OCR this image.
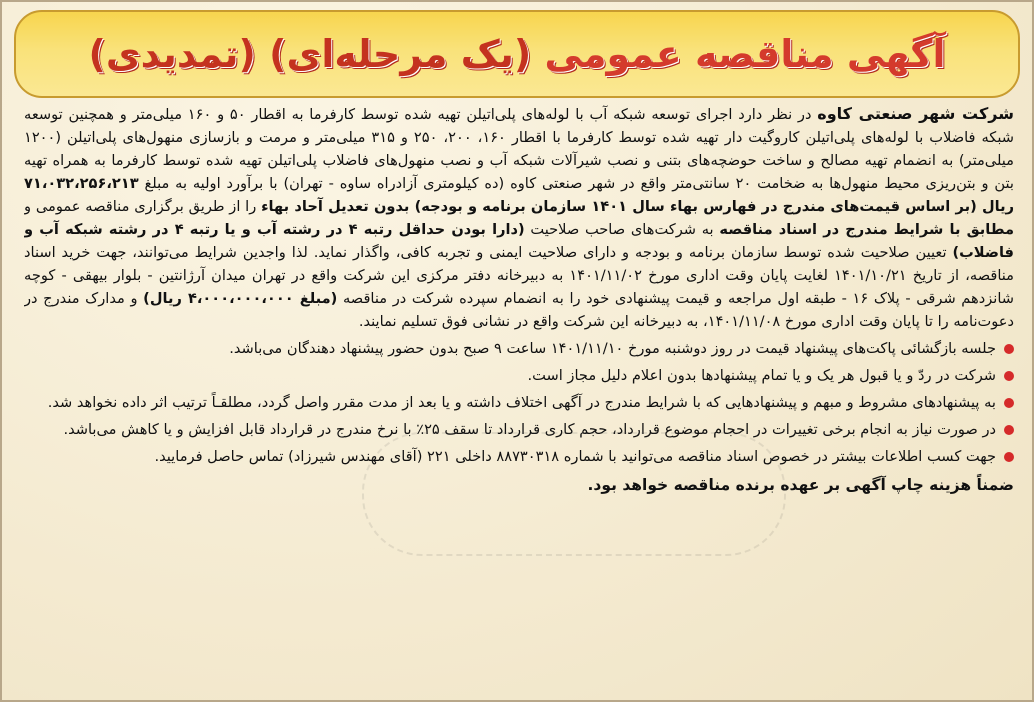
آگهی مناقصه عمومی (یک مرحله‌ای) (تمدیدی)

شرکت شهر صنعتی کاوه در نظر دارد اجرای توسعه شبکه آب با لوله‌های پلی‌اتیلن تهیه شده توسط کارفرما به اقطار ۵۰ و ۱۶۰ میلی‌متر و همچنین توسعه شبکه فاضلاب با لوله‌های پلی‌اتیلن کاروگیت دار تهیه شده توسط کارفرما با اقطار ۱۶۰، ۲۰۰، ۲۵۰ و ۳۱۵ میلی‌متر و مرمت و بازسازی منهول‌های پلی‌اتیلن (۱۲۰۰ میلی‌متر) به انضمام تهیه مصالح و ساخت حوضچه‌های بتنی و نصب شیرآلات شبکه آب و نصب منهول‌های فاضلاب پلی‌اتیلن تهیه شده توسط کارفرما به همراه تهیه بتن و بتن‌ریزی محیط منهول‌ها به ضخامت ۲۰ سانتی‌متر واقع در شهر صنعتی کاوه (ده کیلومتری آزادراه ساوه - تهران) با برآورد اولیه به مبلغ ۷۱،۰۳۲،۲۵۶،۲۱۳ ریال (بر اساس قیمت‌های مندرج در فهارس بهاء سال ۱۴۰۱ سازمان برنامه و بودجه) بدون تعدیل آحاد بهاء را از طریق برگزاری مناقصه عمومی و مطابق با شرایط مندرج در اسناد مناقصه به شرکت‌های صاحب صلاحیت (دارا بودن حداقل رتبه ۴ در رشته آب و یا رتبه ۴ در رشته شبکه آب و فاضلاب) تعیین صلاحیت شده توسط سازمان برنامه و بودجه و دارای صلاحیت ایمنی و تجربه کافی، واگذار نماید. لذا واجدین شرایط می‌توانند، جهت خرید اسناد مناقصه، از تاریخ ۱۴۰۱/۱۰/۲۱ لغایت پایان وقت اداری مورخ ۱۴۰۱/۱۱/۰۲ به دبیرخانه دفتر مرکزی این شرکت واقع در تهران میدان آرژانتین - بلوار بیهقی - کوچه شانزدهم شرقی - پلاک ۱۶ - طبقه اول مراجعه و قیمت پیشنهادی خود را به انضمام سپرده شرکت در مناقصه (مبلغ ۴،۰۰۰،۰۰۰،۰۰۰ ریال) و مدارک مندرج در دعوت‌نامه را تا پایان وقت اداری مورخ ۱۴۰۱/۱۱/۰۸، به دبیرخانه این شرکت واقع در نشانی فوق تسلیم نمایند.

جلسه بازگشائی پاکت‌های پیشنهاد قیمت در روز دوشنبه مورخ ۱۴۰۱/۱۱/۱۰ ساعت ۹ صبح بدون حضور پیشنهاد دهندگان می‌باشد.
شرکت در ردّ و یا قبول هر یک و یا تمام پیشنهادها بدون اعلام دلیل مجاز است.
به پیشنهادهای مشروط و مبهم و پیشنهادهایی که با شرایط مندرج در آگهی اختلاف داشته و یا بعد از مدت مقرر واصل گردد، مطلقـاً ترتیب اثر داده نخواهد شد.
در صورت نیاز به انجام برخی تغییرات در احجام موضوع قرارداد، حجم کاری قرارداد تا سقف ۲۵٪ با نرخ مندرج در قرارداد قابل افزایش و یا کاهش می‌باشد.
جهت کسب اطلاعات بیشتر در خصوص اسناد مناقصه می‌توانید با شماره ۸۸۷۳۰۳۱۸ داخلی ۲۲۱ (آقای مهندس شیرزاد) تماس حاصل فرمایید.

ضمناً هزینه چاپ آگهی بر عهده برنده مناقصه خواهد بود.
